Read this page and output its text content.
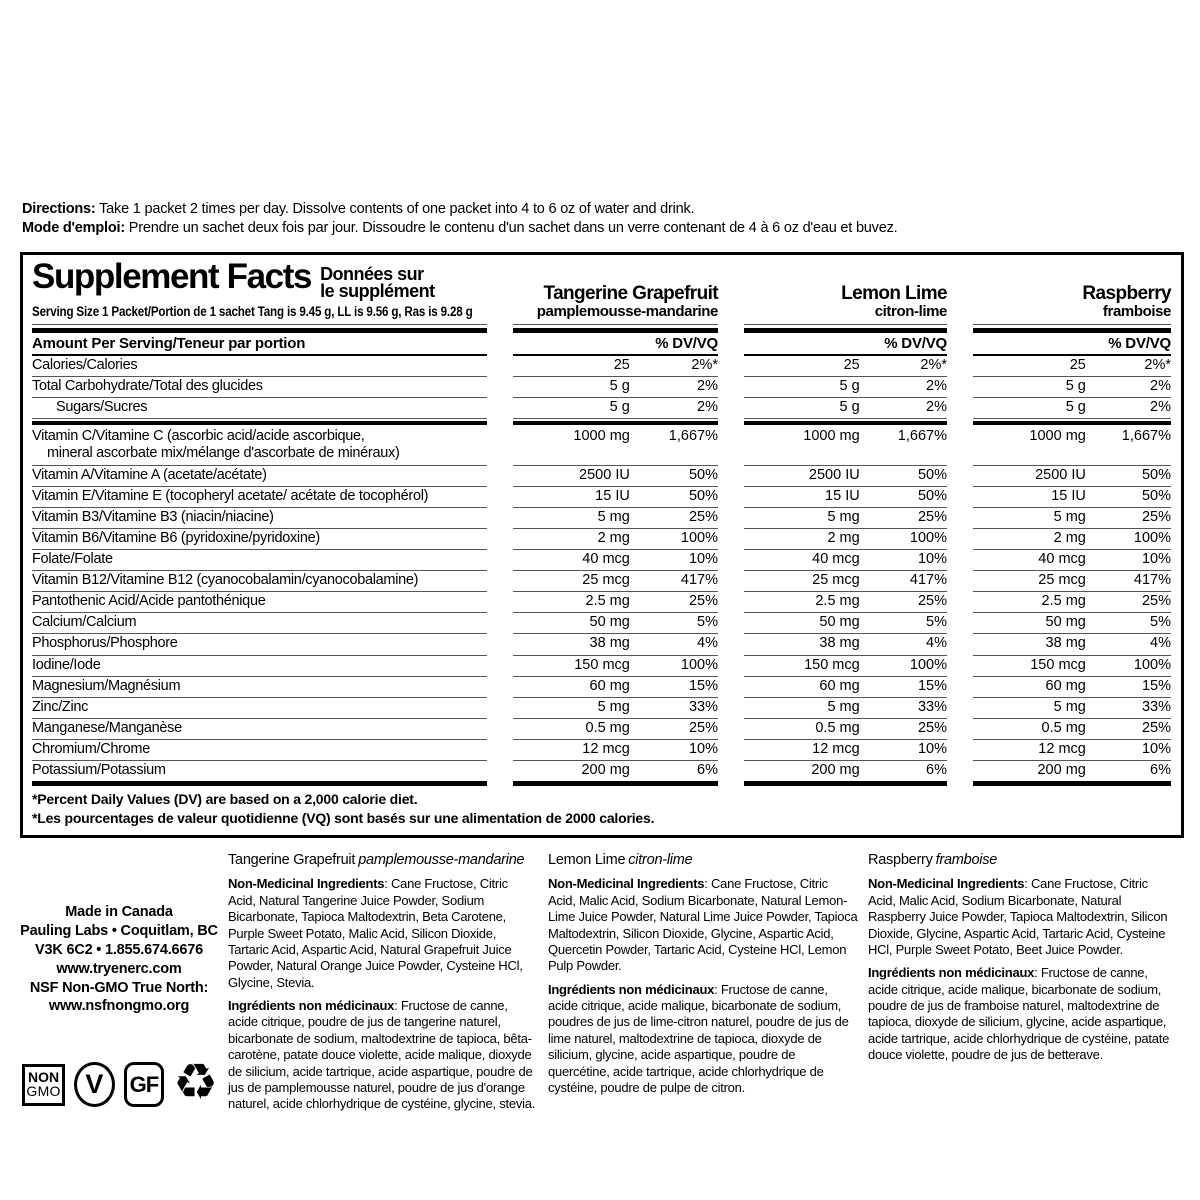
Directions: Take 1 packet 2 times per day. Dissolve contents of one packet into 4 to 6 oz of water and drink.
Mode d'emploi: Prendre un sachet deux fois par jour. Dissoudre le contenu d'un sachet dans un verre contenant de 4 à 6 oz d'eau et buvez.
Supplement Facts Données sur
le supplément
Serving Size 1 Packet/Portion de 1 sachet Tang is 9.45 g, LL is 9.56 g, Ras is 9.28 g
Tangerine Grapefruit
pamplemousse-mandarine
Lemon Lime
citron-lime
Raspberry
framboise
Amount Per Serving/Teneur par portion	% DV/VQ	% DV/VQ	% DV/VQ
Calories/Calories	25	2%*	25	2%*	25	2%*
Total Carbohydrate/Total des glucides	5 g	2%	5 g	2%	5 g	2%
Sugars/Sucres	5 g	2%	5 g	2%	5 g	2%
Vitamin C/Vitamine C (ascorbic acid/acide ascorbique,
mineral ascorbate mix/mélange d'ascorbate de minéraux)
1000 mg	1,667%	1000 mg	1,667%	1000 mg	1,667%
Vitamin A/Vitamine A (acetate/acétate)	2500 IU	50%	2500 IU	50%	2500 IU	50%
Vitamin E/Vitamine E (tocopheryl acetate/ acétate de tocophérol)	15 IU	50%	15 IU	50%	15 IU	50%
Vitamin B3/Vitamine B3 (niacin/niacine)	5 mg	25%	5 mg	25%	5 mg	25%
Vitamin B6/Vitamine B6 (pyridoxine/pyridoxine)	2 mg	100%	2 mg	100%	2 mg	100%
Folate/Folate	40 mcg	10%	40 mcg	10%	40 mcg	10%
Vitamin B12/Vitamine B12 (cyanocobalamin/cyanocobalamine)	25 mcg	417%	25 mcg	417%	25 mcg	417%
Pantothenic Acid/Acide pantothénique	2.5 mg	25%	2.5 mg	25%	2.5 mg	25%
Calcium/Calcium	50 mg	5%	50 mg	5%	50 mg	5%
Phosphorus/Phosphore	38 mg	4%	38 mg	4%	38 mg	4%
Iodine/Iode	150 mcg	100%	150 mcg	100%	150 mcg	100%
Magnesium/Magnésium	60 mg	15%	60 mg	15%	60 mg	15%
Zinc/Zinc	5 mg	33%	5 mg	33%	5 mg	33%
Manganese/Manganèse	0.5 mg	25%	0.5 mg	25%	0.5 mg	25%
Chromium/Chrome	12 mcg	10%	12 mcg	10%	12 mcg	10%
Potassium/Potassium	200 mg	6%	200 mg	6%	200 mg	6%
*Percent Daily Values (DV) are based on a 2,000 calorie diet.
*Les pourcentages de valeur quotidienne (VQ) sont basés sur une alimentation de 2000 calories.
Made in Canada
Pauling Labs • Coquitlam, BC
V3K 6C2 • 1.855.674.6676
www.tryenerc.com
NSF Non-GMO True North:
www.nsfnongmo.org
NON
GMO V	GF ♻

Tangerine Grapefruit pamplemousse-mandarine

Non-Medicinal Ingredients: Cane Fructose, Citric Acid, Natural Tangerine Juice Powder, Sodium Bicarbonate, Tapioca Maltodextrin, Beta Carotene, Purple Sweet Potato, Malic Acid, Silicon Dioxide, Tartaric Acid, Aspartic Acid, Natural Grapefruit Juice Powder, Natural Orange Juice Powder, Cysteine HCl, Glycine, Stevia.

Ingrédients non médicinaux: Fructose de canne, acide citrique, poudre de jus de tangerine naturel, bicarbonate de sodium, maltodextrine de tapioca, bêta-carotène, patate douce violette, acide malique, dioxyde de silicium, acide tartrique, acide aspartique, poudre de jus de pamplemousse naturel, poudre de jus d'orange naturel, acide chlorhydrique de cystéine, glycine, stevia.

Lemon Lime citron-lime

Non-Medicinal Ingredients: Cane Fructose, Citric Acid, Malic Acid, Sodium Bicarbonate, Natural Lemon-Lime Juice Powder, Natural Lime Juice Powder, Tapioca Maltodextrin, Silicon Dioxide, Glycine, Aspartic Acid, Quercetin Powder, Tartaric Acid, Cysteine HCl, Lemon Pulp Powder.

Ingrédients non médicinaux: Fructose de canne, acide citrique, acide malique, bicarbonate de sodium, poudres de jus de lime-citron naturel, poudre de jus de lime naturel, maltodextrine de tapioca, dioxyde de silicium, glycine, acide aspartique, poudre de quercétine, acide tartrique, acide chlorhydrique de cystéine, poudre de pulpe de citron.

Raspberry framboise

Non-Medicinal Ingredients: Cane Fructose, Citric Acid, Malic Acid, Sodium Bicarbonate, Natural Raspberry Juice Powder, Tapioca Maltodextrin, Silicon Dioxide, Glycine, Aspartic Acid, Tartaric Acid, Cysteine HCl, Purple Sweet Potato, Beet Juice Powder.

Ingrédients non médicinaux: Fructose de canne, acide citrique, acide malique, bicarbonate de sodium, poudre de jus de framboise naturel, maltodextrine de tapioca, dioxyde de silicium, glycine, acide aspartique, acide tartrique, acide chlorhydrique de cystéine, patate douce violette, poudre de jus de betterave.
